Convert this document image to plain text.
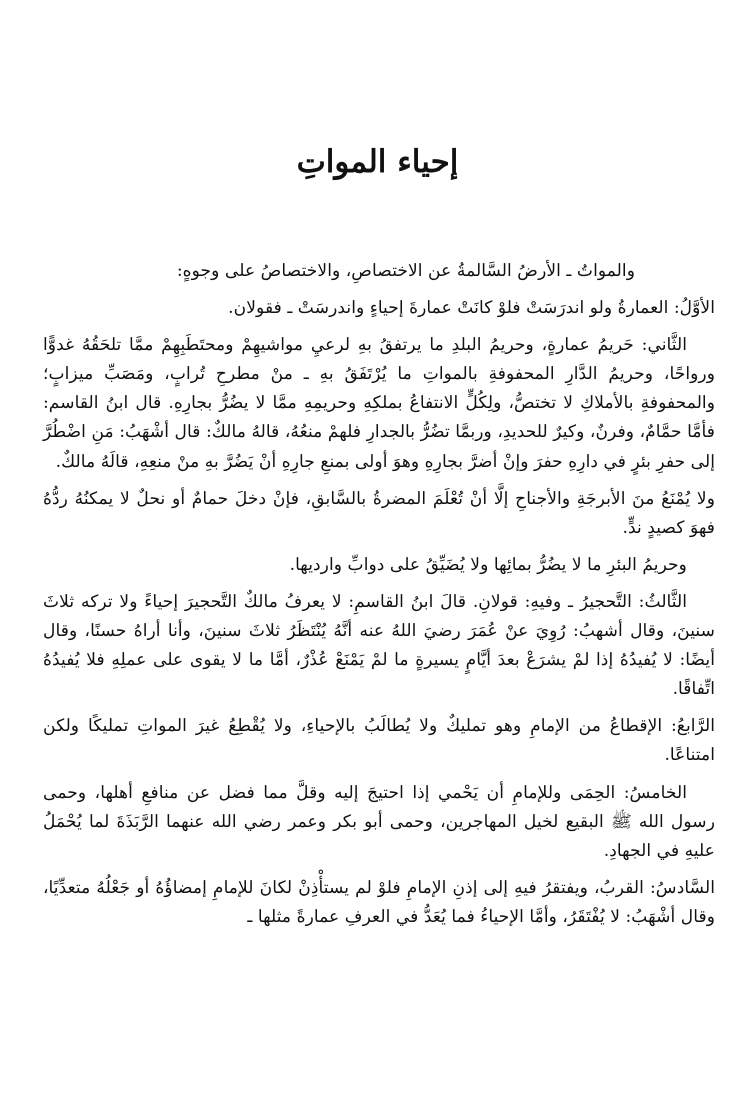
إحياء المواتِ

والمواتُ ـ الأرضُ السَّالمةُ عن الاختصاصِ، والاختصاصُ على وجوهٍ:

الأوَّلُ: العمارةُ ولو اندرَسَتْ فلوْ كانَتْ عمارةَ إحياءٍ واندرسَتْ ـ فقولان.

الثَّاني: حَريمُ عمارةٍ، وحريمُ البلدِ ما يرتفقُ بهِ لرعيِ مواشيهِمْ ومحتَطَبِهِمْ ممَّا تلحَقُهُ غدوًّا ورواحًا، وحريمُ الدَّارِ المحفوفةِ بالمواتِ ما يُرْتَفَقُ بهِ ـ منْ مطرحِ تُرابٍ، ومَصَبِّ ميزابٍ؛ والمحفوفةِ بالأملاكِ لا تختصُّ، ولِكُلٍّ الانتفاعُ بملكِهِ وحريمِهِ ممَّا لا يضُرُّ بجارِهِ. قال ابنُ القاسم: فأمَّا حمَّامٌ، وفرنٌ، وكيرٌ للحديدِ، وربمَّا تضُرُّ بالجدارِ فلهمْ منعُهُ، قالهُ مالكٌ: قال أشْهَبُ: مَنِ اضْطُرَّ إلى حفرِ بئرٍ في دارِهِ حفرَ وإنْ أضرَّ بجارِهِ وهوَ أولى بمنعِ جارِهِ أنْ يَضُرَّ بهِ منْ منعِهِ، قالَهُ مالكٌ.

ولا يُمْنَعُ منَ الأبرجَةِ والأجناحِ إلَّا أنْ تُعْلَمَ المضرةُ بالسَّابقِ، فإنْ دخلَ حمامٌ أو نحلٌ لا يمكنُهُ ردُّهُ فهوَ كصيدٍ ندٍّ.

وحريمُ البئرِ ما لا يضُرُّ بمائِها ولا يُضَيِّقُ على دوابِّ وارديها.

الثَّالثُ: التَّحجيرُ ـ وفيهِ: قولانِ. قالَ ابنُ القاسمِ: لا يعرفُ مالكٌ التَّحجيرَ إحياءً ولا تركه ثلاثَ سنينَ، وقال أشهبُ: رُوِيَ عنْ عُمَرَ رضيَ اللهُ عنه أنَّهُ يُنْتَظَرُ ثلاثَ سنينَ، وأنا أراهُ حسنًا، وقال أيضًا: لا يُفيدُهُ إذا لمْ يشرَعْ بعدَ أيَّامٍ يسيرةٍ ما لمْ يَمْنَعْ عُذْرٌ، أمَّا ما لا يقوى على عملِهِ فلا يُفيدُهُ اتِّفاقًا.

الرَّابعُ: الإقطاعُ من الإمامِ وهو تمليكٌ ولا يُطالَبُ بالإحياءِ، ولا يُقْطِعُ غيرَ المواتِ تمليكًا ولكن امتناعًا.

الخامسُ: الحِمَى وللإمامِ أن يَحْمي إذا احتيجَ إليه وقلَّ مما فضل عن منافعِ أهلها، وحمى رسول الله ﷺ البقيع لخيل المهاجرين، وحمى أبو بكر وعمر رضي الله عنهما الرَّبَذَةَ لما يُحْمَلُ عليهِ في الجهادِ.

السَّادسُ: القربُ، ويفتقرُ فيهِ إلى إذنِ الإمامِ فلوْ لم يستأْذِنْ لكانَ للإمامِ إمضاؤُهُ أو جَعْلُهُ متعدِّيًا، وقال أشْهَبُ: لا يُفْتَقَرُ، وأمَّا الإحياءُ فما يُعَدُّ في العرفِ عمارةً مثلها ـ
